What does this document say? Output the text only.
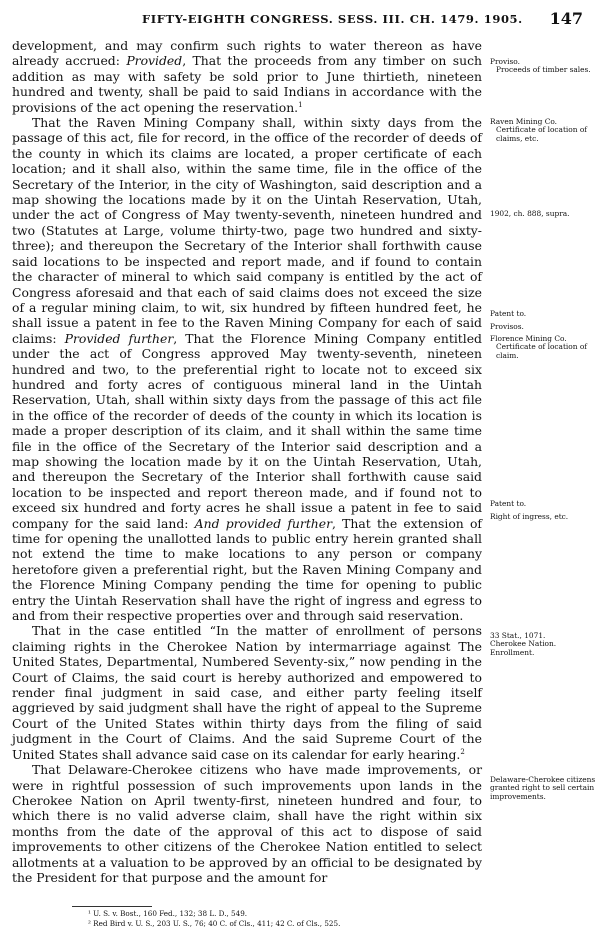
FIFTY-EIGHTH CONGRESS. SESS. III. CH. 1479. 1905. 147

development, and may confirm such rights to water thereon as have already accrued: Provided, That the proceeds from any timber on such addition as may with safety be sold prior to June thirtieth, nineteen hundred and twenty, shall be paid to said Indians in accordance with the provisions of the act opening the reservation.$^1$

That the Raven Mining Company shall, within sixty days from the passage of this act, file for record, in the office of the recorder of deeds of the county in which its claims are located, a proper certificate of each location; and it shall also, within the same time, file in the office of the Secretary of the Interior, in the city of Washington, said description and a map showing the locations made by it on the Uintah Reservation, Utah, under the act of Congress of May twenty-seventh, nineteen hundred and two (Statutes at Large, volume thirty-two, page two hundred and sixty-three); and thereupon the Secretary of the Interior shall forthwith cause said locations to be inspected and report made, and if found to contain the character of mineral to which said company is entitled by the act of Congress aforesaid and that each of said claims does not exceed the size of a regular mining claim, to wit, six hundred by fifteen hundred feet, he shall issue a patent in fee to the Raven Mining Company for each of said claims: Provided further, That the Florence Mining Company entitled under the act of Congress approved May twenty-seventh, nineteen hundred and two, to the preferential right to locate not to exceed six hundred and forty acres of contiguous mineral land in the Uintah Reservation, Utah, shall within sixty days from the passage of this act file in the office of the recorder of deeds of the county in which its location is made a proper description of its claim, and it shall within the same time file in the office of the Secretary of the Interior said description and a map showing the location made by it on the Uintah Reservation, Utah, and thereupon the Secretary of the Interior shall forthwith cause said location to be inspected and report thereon made, and if found not to exceed six hundred and forty acres he shall issue a patent in fee to said company for the said land: And provided further, That the extension of time for opening the unallotted lands to public entry herein granted shall not extend the time to make locations to any person or company heretofore given a preferential right, but the Raven Mining Company and the Florence Mining Company pending the time for opening to public entry the Uintah Reservation shall have the right of ingress and egress to and from their respective properties over and through said reservation.

That in the case entitled “In the matter of enrollment of persons claiming rights in the Cherokee Nation by intermarriage against The United States, Departmental, Numbered Seventy-six,” now pending in the Court of Claims, the said court is hereby authorized and empowered to render final judgment in said case, and either party feeling itself aggrieved by said judgment shall have the right of appeal to the Supreme Court of the United States within thirty days from the filing of said judgment in the Court of Claims. And the said Supreme Court of the United States shall advance said case on its calendar for early hearing.$^2$

That Delaware-Cherokee citizens who have made improvements, or were in rightful possession of such improvements upon lands in the Cherokee Nation on April twenty-first, nineteen hundred and four, to which there is no valid adverse claim, shall have the right within six months from the date of the approval of this act to dispose of said improvements to other citizens of the Cherokee Nation entitled to select allotments at a valuation to be approved by an official to be designated by the President for that purpose and the amount for

Proviso.
Proceeds of timber sales.
Raven Mining Co.
Certificate of location of claims, etc.
1902, ch. 888, supra.
Patent to.
Provisos.
Florence Mining Co.
Certificate of location of claim.
Patent to.
Right of ingress, etc.
33 Stat., 1071.
Cherokee Nation.
Enrollment.
Delaware-Cherokee citizens granted right to sell certain improvements.
¹ U. S. v. Bost., 160 Fed., 132; 38 L. D., 549.
² Red Bird v. U. S., 203 U. S., 76; 40 C. of Cls., 411; 42 C. of Cls., 525.
